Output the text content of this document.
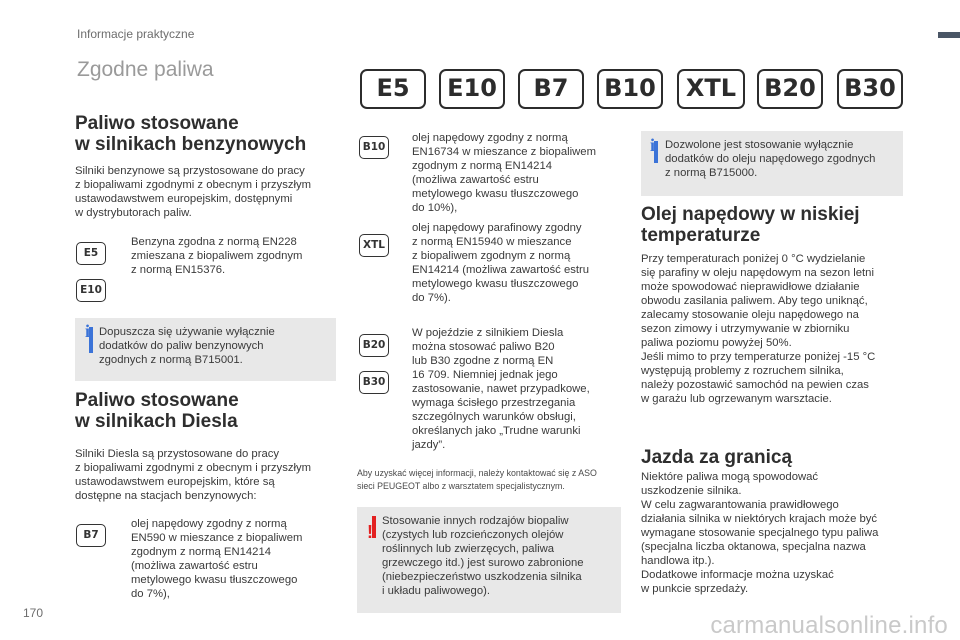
Informacje praktyczne
Zgodne paliwa
E5	E10	B7	B10	XTL	B20 B30
Paliwo stosowane
w silnikach benzynowych
Silniki benzynowe są przystosowane do pracy
z biopaliwami zgodnymi z obecnym i przyszłym
ustawodawstwem europejskim, dostępnymi
w dystrybutorach paliw.
E5
E10
Benzyna zgodna z normą EN228
zmieszana z biopaliwem zgodnym
z normą EN15376.
i Dopuszcza się używanie wyłącznie
dodatków do paliw benzynowych
zgodnych z normą B715001.
Paliwo stosowane
w silnikach Diesla
Silniki Diesla są przystosowane do pracy
z biopaliwami zgodnymi z obecnym i przyszłym
ustawodawstwem europejskim, które są
dostępne na stacjach benzynowych:
B7
olej napędowy zgodny z normą
EN590 w mieszance z biopaliwem
zgodnym z normą EN14214
(możliwa zawartość estru
metylowego kwasu tłuszczowego
do 7%),
B10
olej napędowy zgodny z normą
EN16734 w mieszance z biopaliwem
zgodnym z normą EN14214
(możliwa zawartość estru
metylowego kwasu tłuszczowego
do 10%),
XTL
olej napędowy parafinowy zgodny
z normą EN15940 w mieszance
z biopaliwem zgodnym z normą
EN14214 (możliwa zawartość estru
metylowego kwasu tłuszczowego
do 7%).
B20
B30
W pojeździe z silnikiem Diesla
można stosować paliwo B20
lub B30 zgodne z normą EN
16 709. Niemniej jednak jego
zastosowanie, nawet przypadkowe,
wymaga ścisłego przestrzegania
szczególnych warunków obsługi,
określanych jako „Trudne warunki
jazdy”.
Aby uzyskać więcej informacji, należy kontaktować się z ASO
sieci PEUGEOT albo z warsztatem specjalistycznym.
!
Stosowanie innych rodzajów biopaliw
(czystych lub rozcieńczonych olejów
roślinnych lub zwierzęcych, paliwa
grzewczego itd.) jest surowo zabronione
(niebezpieczeństwo uszkodzenia silnika
i układu paliwowego).
i Dozwolone jest stosowanie wyłącznie
dodatków do oleju napędowego zgodnych
z normą B715000.
Olej napędowy w niskiej
temperaturze
Przy temperaturach poniżej 0 °C wydzielanie
się parafiny w oleju napędowym na sezon letni
może spowodować nieprawidłowe działanie
obwodu zasilania paliwem. Aby tego uniknąć,
zalecamy stosowanie oleju napędowego na
sezon zimowy i utrzymywanie w zbiorniku
paliwa poziomu powyżej 50%.
Jeśli mimo to przy temperaturze poniżej -15 °C
występują problemy z rozruchem silnika,
należy pozostawić samochód na pewien czas
w garażu lub ogrzewanym warsztacie.
Jazda za granicą
Niektóre paliwa mogą spowodować
uszkodzenie silnika.
W celu zagwarantowania prawidłowego
działania silnika w niektórych krajach może być
wymagane stosowanie specjalnego typu paliwa
(specjalna liczba oktanowa, specjalna nazwa
handlowa itp.).
Dodatkowe informacje można uzyskać
w punkcie sprzedaży.
170	carmanualsonline.info
